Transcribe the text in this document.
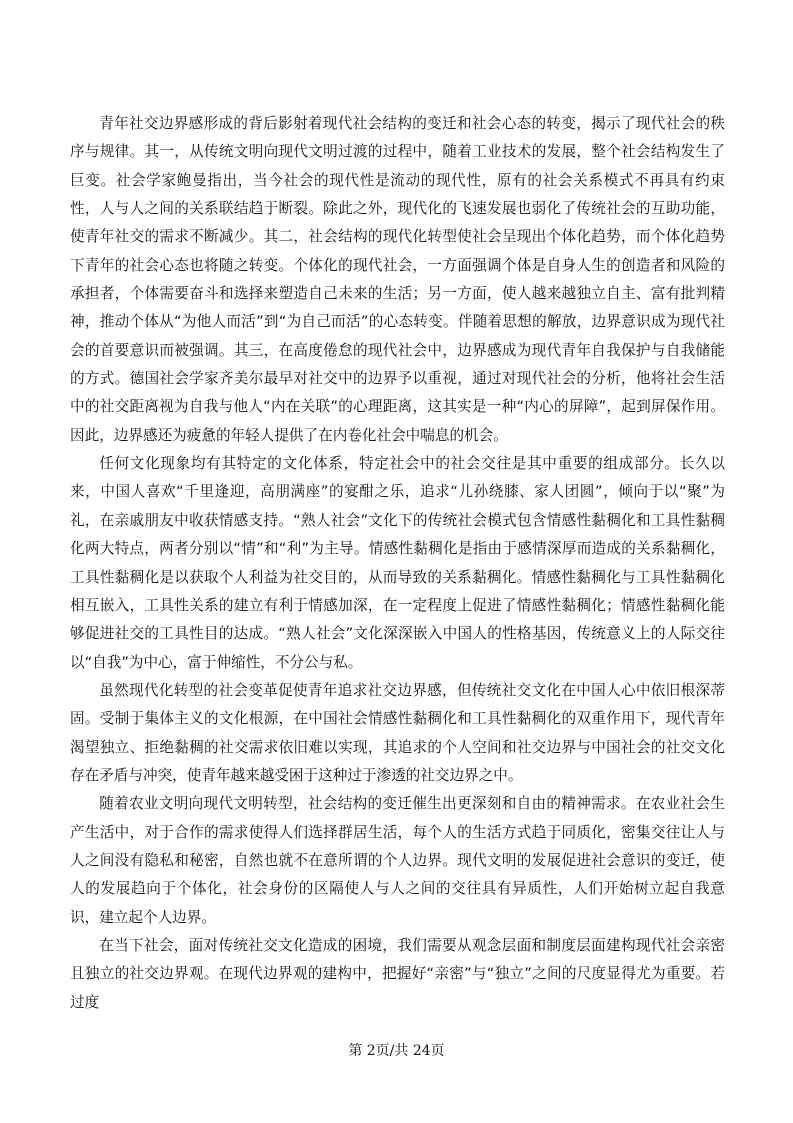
青年社交边界感形成的背后影射着现代社会结构的变迁和社会心态的转变，揭示了现代社会的秩序与规律。其一，从传统文明向现代文明过渡的过程中，随着工业技术的发展，整个社会结构发生了巨变。社会学家鲍曼指出，当今社会的现代性是流动的现代性，原有的社会关系模式不再具有约束性，人与人之间的关系联结趋于断裂。除此之外，现代化的飞速发展也弱化了传统社会的互助功能，使青年社交的需求不断减少。其二，社会结构的现代化转型使社会呈现出个体化趋势，而个体化趋势下青年的社会心态也将随之转变。个体化的现代社会，一方面强调个体是自身人生的创造者和风险的承担者，个体需要奋斗和选择来塑造自己未来的生活；另一方面，使人越来越独立自主、富有批判精神，推动个体从“为他人而活”到“为自己而活”的心态转变。伴随着思想的解放，边界意识成为现代社会的首要意识而被强调。其三，在高度倦怠的现代社会中，边界感成为现代青年自我保护与自我储能的方式。德国社会学家齐美尔最早对社交中的边界予以重视，通过对现代社会的分析，他将社会生活中的社交距离视为自我与他人“内在关联”的心理距离，这其实是一种“内心的屏障”，起到屏保作用。因此，边界感还为疲惫的年轻人提供了在内卷化社会中喘息的机会。

任何文化现象均有其特定的文化体系，特定社会中的社会交往是其中重要的组成部分。长久以来，中国人喜欢“千里逢迎，高朋满座”的宴酣之乐，追求“儿孙绕膝、家人团圆”，倾向于以“聚”为礼，在亲戚朋友中收获情感支持。“熟人社会”文化下的传统社会模式包含情感性黏稠化和工具性黏稠化两大特点，两者分别以“情”和“利”为主导。情感性黏稠化是指由于感情深厚而造成的关系黏稠化，工具性黏稠化是以获取个人利益为社交目的，从而导致的关系黏稠化。情感性黏稠化与工具性黏稠化相互嵌入，工具性关系的建立有利于情感加深，在一定程度上促进了情感性黏稠化；情感性黏稠化能够促进社交的工具性目的达成。“熟人社会”文化深深嵌入中国人的性格基因，传统意义上的人际交往以“自我”为中心，富于伸缩性，不分公与私。

虽然现代化转型的社会变革促使青年追求社交边界感，但传统社交文化在中国人心中依旧根深蒂固。受制于集体主义的文化根源，在中国社会情感性黏稠化和工具性黏稠化的双重作用下，现代青年渴望独立、拒绝黏稠的社交需求依旧难以实现，其追求的个人空间和社交边界与中国社会的社交文化存在矛盾与冲突，使青年越来越受困于这种过于渗透的社交边界之中。

随着农业文明向现代文明转型，社会结构的变迁催生出更深刻和自由的精神需求。在农业社会生产生活中，对于合作的需求使得人们选择群居生活，每个人的生活方式趋于同质化，密集交往让人与人之间没有隐私和秘密，自然也就不在意所谓的个人边界。现代文明的发展促进社会意识的变迁，使人的发展趋向于个体化，社会身份的区隔使人与人之间的交往具有异质性，人们开始树立起自我意识，建立起个人边界。

在当下社会，面对传统社交文化造成的困境，我们需要从观念层面和制度层面建构现代社会亲密且独立的社交边界观。在现代边界观的建构中，把握好“亲密”与“独立”之间的尺度显得尤为重要。若过度

第 2页/共 24页
